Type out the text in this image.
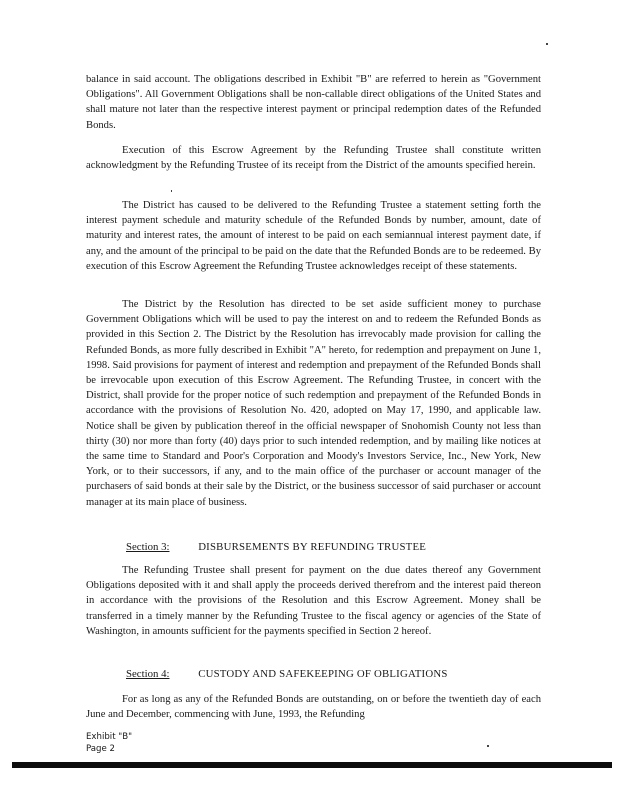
balance in said account. The obligations described in Exhibit "B" are referred to herein as "Government Obligations". All Government Obligations shall be non-callable direct obligations of the United States and shall mature not later than the respective interest payment or principal redemption dates of the Refunded Bonds.

Execution of this Escrow Agreement by the Refunding Trustee shall constitute written acknowledgment by the Refunding Trustee of its receipt from the District of the amounts specified herein.

The District has caused to be delivered to the Refunding Trustee a statement setting forth the interest payment schedule and maturity schedule of the Refunded Bonds by number, amount, date of maturity and interest rates, the amount of interest to be paid on each semiannual interest payment date, if any, and the amount of the principal to be paid on the date that the Refunded Bonds are to be redeemed. By execution of this Escrow Agreement the Refunding Trustee acknowledges receipt of these statements.

The District by the Resolution has directed to be set aside sufficient money to purchase Government Obligations which will be used to pay the interest on and to redeem the Refunded Bonds as provided in this Section 2. The District by the Resolution has irrevocably made provision for calling the Refunded Bonds, as more fully described in Exhibit "A" hereto, for redemption and prepayment on June 1, 1998. Said provisions for payment of interest and redemption and prepayment of the Refunded Bonds shall be irrevocable upon execution of this Escrow Agreement. The Refunding Trustee, in concert with the District, shall provide for the proper notice of such redemption and prepayment of the Refunded Bonds in accordance with the provisions of Resolution No. 420, adopted on May 17, 1990, and applicable law. Notice shall be given by publication thereof in the official newspaper of Snohomish County not less than thirty (30) nor more than forty (40) days prior to such intended redemption, and by mailing like notices at the same time to Standard and Poor's Corporation and Moody's Investors Service, Inc., New York, New York, or to their successors, if any, and to the main office of the purchaser or account manager of the purchasers of said bonds at their sale by the District, or the business successor of said purchaser or account manager at its main place of business.

Section 3:	DISBURSEMENTS BY REFUNDING TRUSTEE

The Refunding Trustee shall present for payment on the due dates thereof any Government Obligations deposited with it and shall apply the proceeds derived therefrom and the interest paid thereon in accordance with the provisions of the Resolution and this Escrow Agreement. Money shall be transferred in a timely manner by the Refunding Trustee to the fiscal agency or agencies of the State of Washington, in amounts sufficient for the payments specified in Section 2 hereof.

Section 4:	CUSTODY AND SAFEKEEPING OF OBLIGATIONS

For as long as any of the Refunded Bonds are outstanding, on or before the twentieth day of each June and December, commencing with June, 1993, the Refunding

Exhibit "B"
Page 2
